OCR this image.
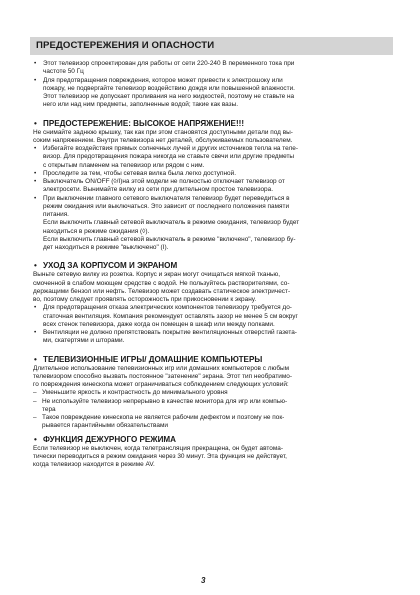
ПРЕДОСТЕРЕЖЕНИЯ И ОПАСНОСТИ
• Этот телевизор спроектирован для работы от сети 220-240 В переменного тока при

частоте 50 Гц

• Для предотвращения повреждения, которое может привести к электрошоку или

пожару, не подвергайте телевизор воздействию дождя или повышенной влажности.

Этот телевизор не допускает проливания на него жидкостей, поэтому не ставьте на

него или над ним предметы, заполненные водой; такие как вазы.

• ПРЕДОСТЕРЕЖЕНИЕ: ВЫСОКОЕ НАПРЯЖЕНИЕ!!!

Не снимайте заднюю крышку, так как при этом становятся доступными детали под вы-

соким напряжением. Внутри телевизора нет деталей, обслуживаемых пользователем.

• Избегайте воздействия прямых солнечных лучей и других источников тепла на теле-

визор. Для предотвращения пожара никогда не ставьте свечи или другие предметы

с открытым пламенем на телевизор или рядом с ним.

• Проследите за тем, чтобы сетевая вилка была легко доступной.

• Выключатель ON/OFF (◊/I)на этой модели не полностью отключает телевизор от

электросети. Вынимайте вилку из сети при длительном простое телевизора.

• При выключении главного сетевого выключателя телевизор будет переведиться в

режим ожидания или выключаться. Это зависит от последнего положения памяти

питания.

Если выключить главный сетевой выключатель в режиме ожидания, телевизор будет

находиться в режиме ожидания (◊).

Если выключить главный сетевой выключатель в режиме "включено", телевизор бу-

дет находиться в режиме "выключено" (I).

• УХОД ЗА КОРПУСОМ И ЭКРАНОМ

Выньте сетевую вилку из розетка. Корпус и экран могут очищаться мягкой тканью,

смоченной в слабом моющем средстве с водой. Не пользуйтесь растворителями, со-

держащими бензол или нефть. Телевизор может создавать статическое электричест-

во, поэтому следует проявлять осторожность при прикосновении к экрану.

• Для предотвращения отказа электрических компонентов телевизору требуется до-

статочная вентиляция. Компания рекомендует оставлять зазор не менее 5 см вокруг

всех стенок телевизора, даже когда он помещен в шкаф или между полками.

• Вентиляции не должно препятствовать покрытие вентиляционных отверстий газета-

ми, скатертями и шторами.

• ТЕЛЕВИЗИОННЫЕ ИГРЫ/ ДОМАШНИЕ КОМПЬЮТЕРЫ

Длительное использование телевизионных игр или домашних компьютеров с любым

телевизором способно вызвать постоянное "затенение" экрана. Этот тип необратимо-

го повреждения кинескопа может ограничиваться соблюдением следующих условий:

– Уменьшите яркость и контрастность до минимального уровня

– Не используйте телевизор непрерывно в качестве монитора для игр или компью-

тера

– Такое повреждение кинескопа не является рабочим дефектом и поэтому не пок-

рывается гарантийными обязательствами

• ФУНКЦИЯ ДЕЖУРНОГО РЕЖИМА

Если телевизор не выключен, когда телетрансляция прекращена, он будет автома-

тически переводиться в режим ожидания через 30 минут. Эта функция не действует,

когда телевизор находится в режиме AV.

3
